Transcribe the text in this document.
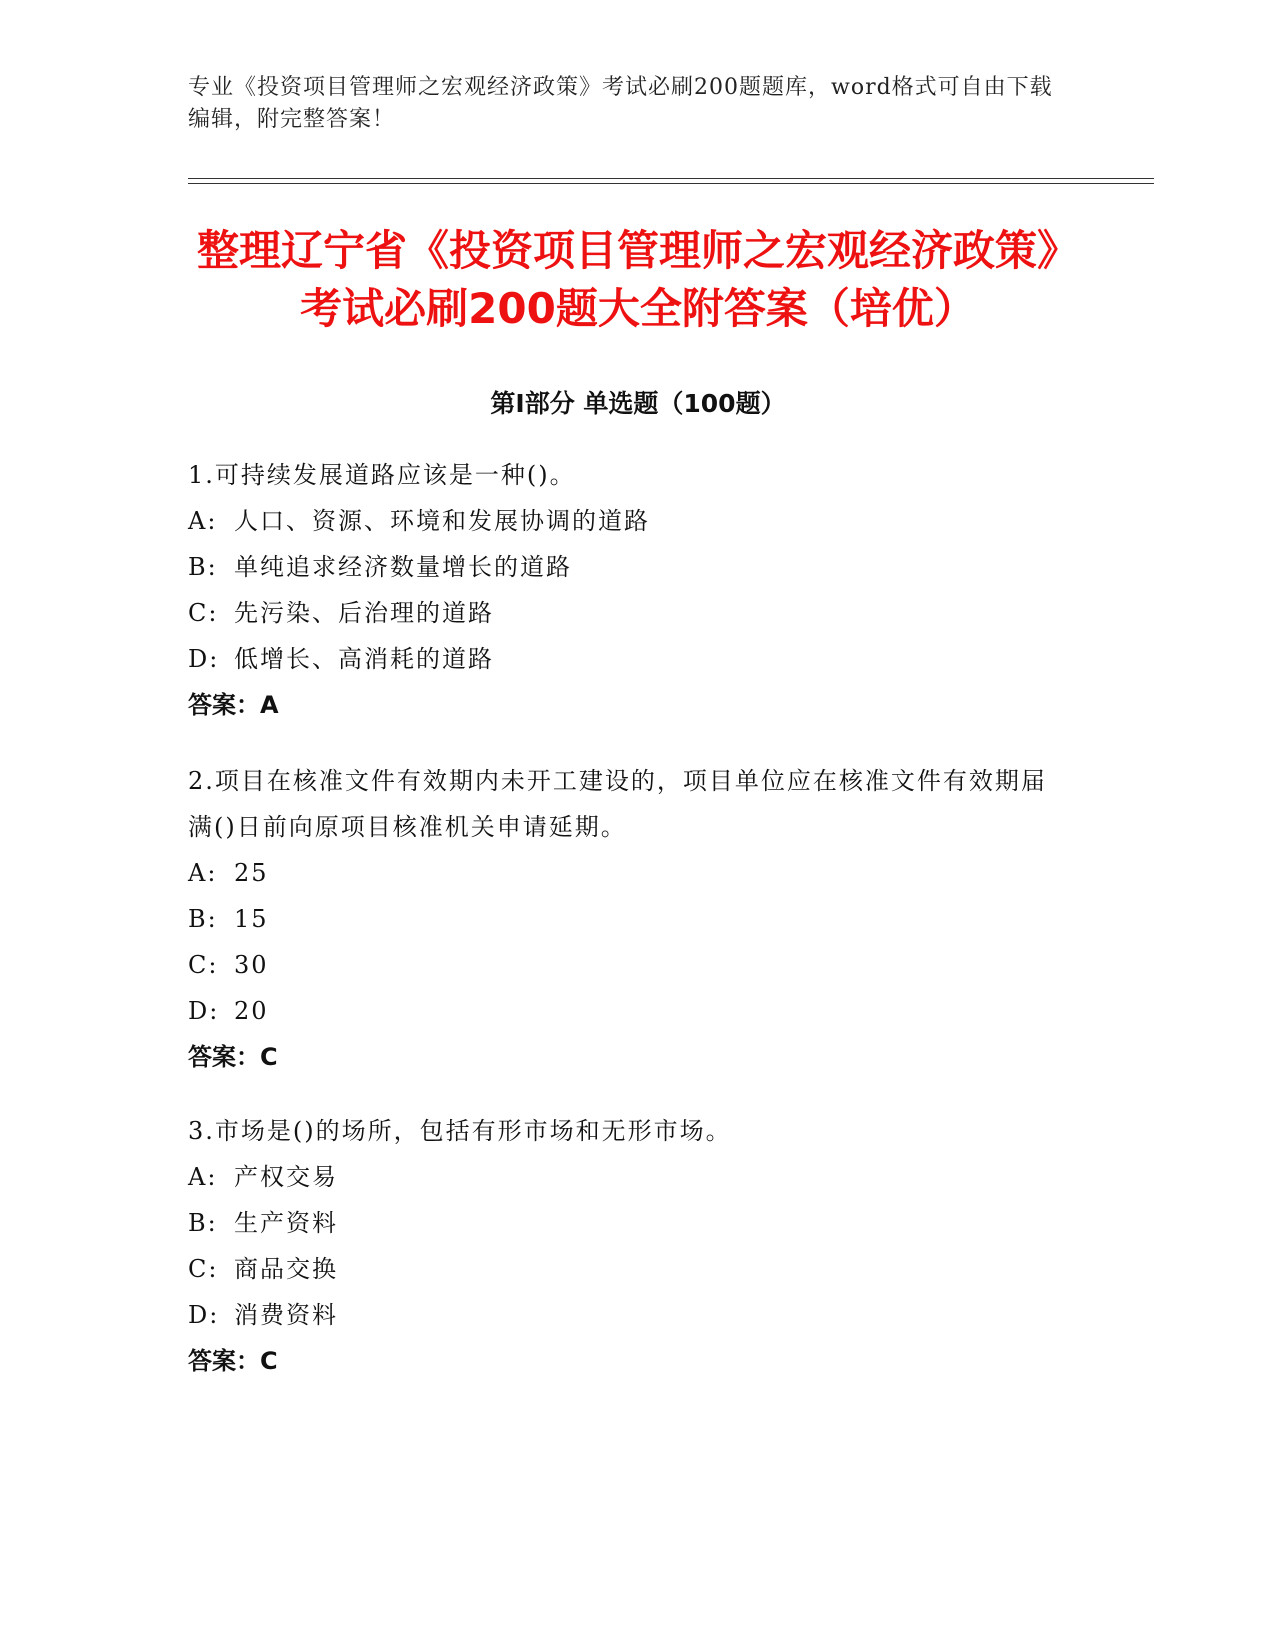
专业《投资项目管理师之宏观经济政策》考试必刷200题题库，word格式可自由下载编辑，附完整答案！
整理辽宁省《投资项目管理师之宏观经济政策》考试必刷200题大全附答案（培优）
第Ⅰ部分 单选题（100题）
1.可持续发展道路应该是一种()。
A: 人口、资源、环境和发展协调的道路
B: 单纯追求经济数量增长的道路
C: 先污染、后治理的道路
D: 低增长、高消耗的道路
答案：A
2.项目在核准文件有效期内未开工建设的，项目单位应在核准文件有效期届满()日前向原项目核准机关申请延期。
A: 25
B: 15
C: 30
D: 20
答案：C
3.市场是()的场所，包括有形市场和无形市场。
A: 产权交易
B: 生产资料
C: 商品交换
D: 消费资料
答案：C
